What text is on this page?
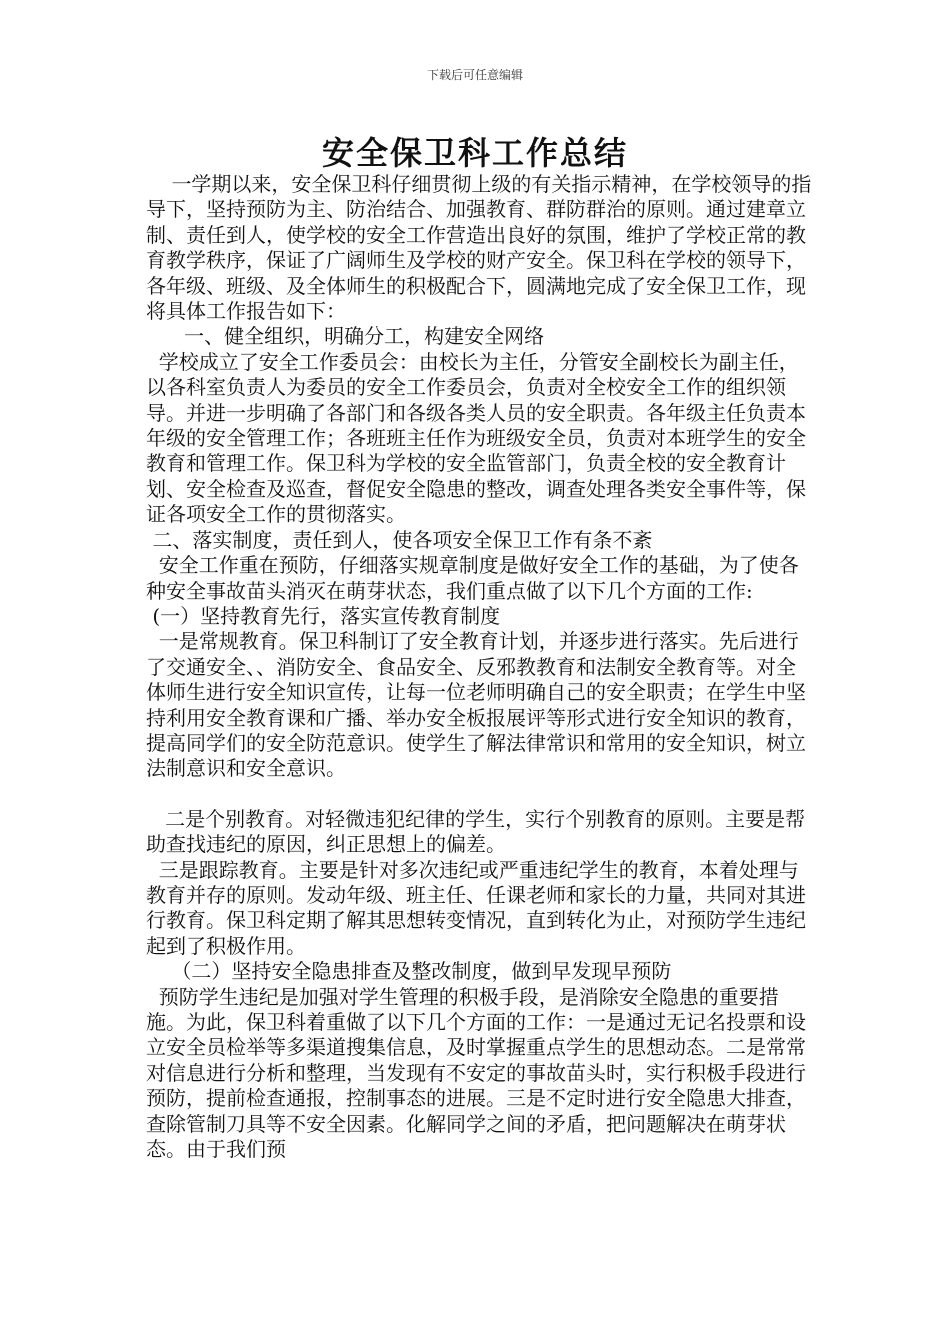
下载后可任意编辑
安全保卫科工作总结

一学期以来，安全保卫科仔细贯彻上级的有关指示精神，在学校领导的指导下，坚持预防为主、防治结合、加强教育、群防群治的原则。通过建章立制、责任到人，使学校的安全工作营造出良好的氛围，维护了学校正常的教育教学秩序，保证了广阔师生及学校的财产安全。保卫科在学校的领导下，各年级、班级、及全体师生的积极配合下，圆满地完成了安全保卫工作，现将具体工作报告如下：

一、健全组织，明确分工，构建安全网络

学校成立了安全工作委员会：由校长为主任，分管安全副校长为副主任，以各科室负责人为委员的安全工作委员会，负责对全校安全工作的组织领导。并进一步明确了各部门和各级各类人员的安全职责。各年级主任负责本年级的安全管理工作；各班班主任作为班级安全员，负责对本班学生的安全教育和管理工作。保卫科为学校的安全监管部门，负责全校的安全教育计划、安全检查及巡查，督促安全隐患的整改，调查处理各类安全事件等，保证各项安全工作的贯彻落实。

二、落实制度，责任到人，使各项安全保卫工作有条不紊

安全工作重在预防，仔细落实规章制度是做好安全工作的基础，为了使各种安全事故苗头消灭在萌芽状态，我们重点做了以下几个方面的工作:

(一）坚持教育先行，落实宣传教育制度

一是常规教育。保卫科制订了安全教育计划，并逐步进行落实。先后进行了交通安全、、消防安全、食品安全、反邪教教育和法制安全教育等。对全体师生进行安全知识宣传，让每一位老师明确自己的安全职责；在学生中坚持利用安全教育课和广播、举办安全板报展评等形式进行安全知识的教育，提高同学们的安全防范意识。使学生了解法律常识和常用的安全知识，树立法制意识和安全意识。

二是个别教育。对轻微违犯纪律的学生，实行个别教育的原则。主要是帮助查找违纪的原因，纠正思想上的偏差。

三是跟踪教育。主要是针对多次违纪或严重违纪学生的教育，本着处理与教育并存的原则。发动年级、班主任、任课老师和家长的力量，共同对其进行教育。保卫科定期了解其思想转变情况，直到转化为止，对预防学生违纪起到了积极作用。

（二）坚持安全隐患排查及整改制度，做到早发现早预防

预防学生违纪是加强对学生管理的积极手段，是消除安全隐患的重要措施。为此，保卫科着重做了以下几个方面的工作：一是通过无记名投票和设立安全员检举等多渠道搜集信息，及时掌握重点学生的思想动态。二是常常对信息进行分析和整理，当发现有不安定的事故苗头时，实行积极手段进行预防，提前检查通报，控制事态的进展。三是不定时进行安全隐患大排查，查除管制刀具等不安全因素。化解同学之间的矛盾，把问题解决在萌芽状态。由于我们预
